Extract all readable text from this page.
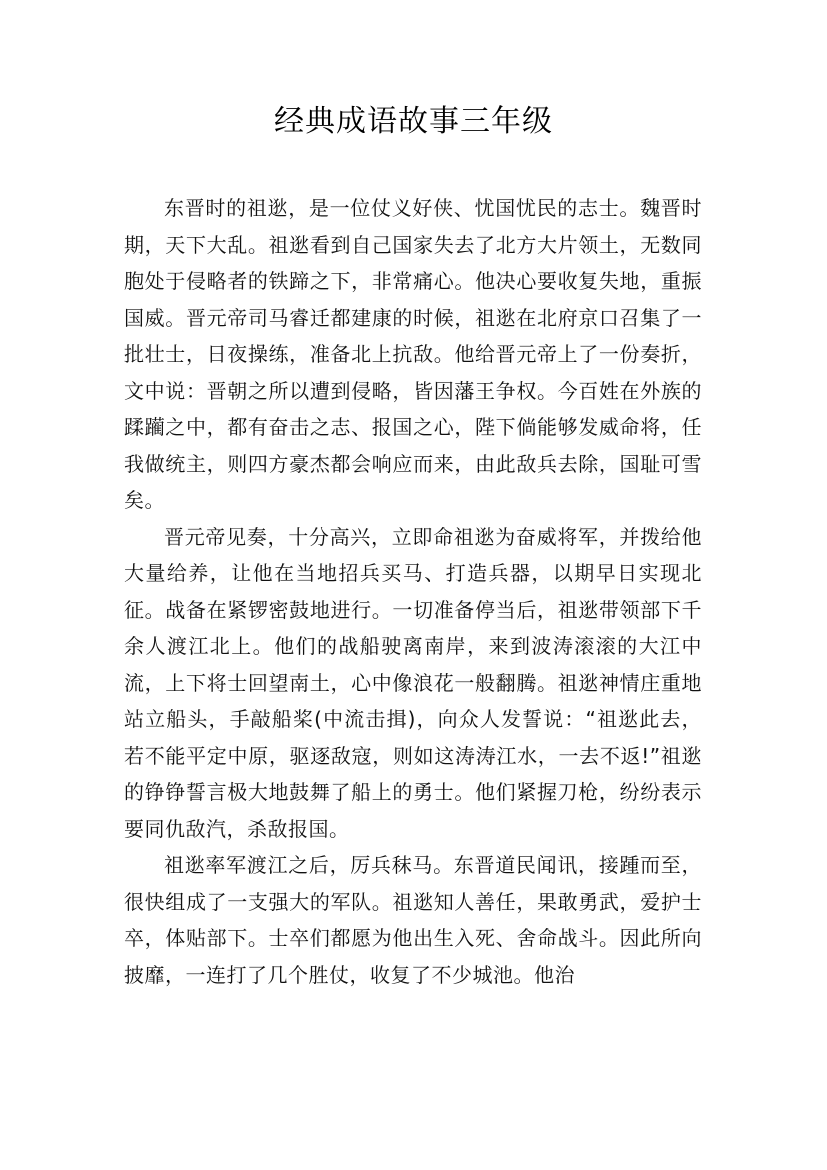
经典成语故事三年级

东晋时的祖逖，是一位仗义好侠、忧国忧民的志士。魏晋时期，天下大乱。祖逖看到自己国家失去了北方大片领土，无数同胞处于侵略者的铁蹄之下，非常痛心。他决心要收复失地，重振国威。晋元帝司马睿迁都建康的时候，祖逖在北府京口召集了一批壮士，日夜操练，准备北上抗敌。他给晋元帝上了一份奏折，文中说：晋朝之所以遭到侵略，皆因藩王争权。今百姓在外族的蹂躏之中，都有奋击之志、报国之心，陛下倘能够发威命将，任我做统主，则四方豪杰都会响应而来，由此敌兵去除，国耻可雪矣。

晋元帝见奏，十分高兴，立即命祖逖为奋威将军，并拨给他大量给养，让他在当地招兵买马、打造兵器，以期早日实现北征。战备在紧锣密鼓地进行。一切准备停当后，祖逖带领部下千余人渡江北上。他们的战船驶离南岸，来到波涛滚滚的大江中流，上下将士回望南土，心中像浪花一般翻腾。祖逖神情庄重地站立船头，手敲船桨(中流击揖)，向众人发誓说：“祖逖此去，若不能平定中原，驱逐敌寇，则如这涛涛江水，一去不返!”祖逖的铮铮誓言极大地鼓舞了船上的勇士。他们紧握刀枪，纷纷表示要同仇敌汽，杀敌报国。

祖逖率军渡江之后，厉兵秣马。东晋道民闻讯，接踵而至，很快组成了一支强大的军队。祖逖知人善任，果敢勇武，爱护士卒，体贴部下。士卒们都愿为他出生入死、舍命战斗。因此所向披靡，一连打了几个胜仗，收复了不少城池。他治
